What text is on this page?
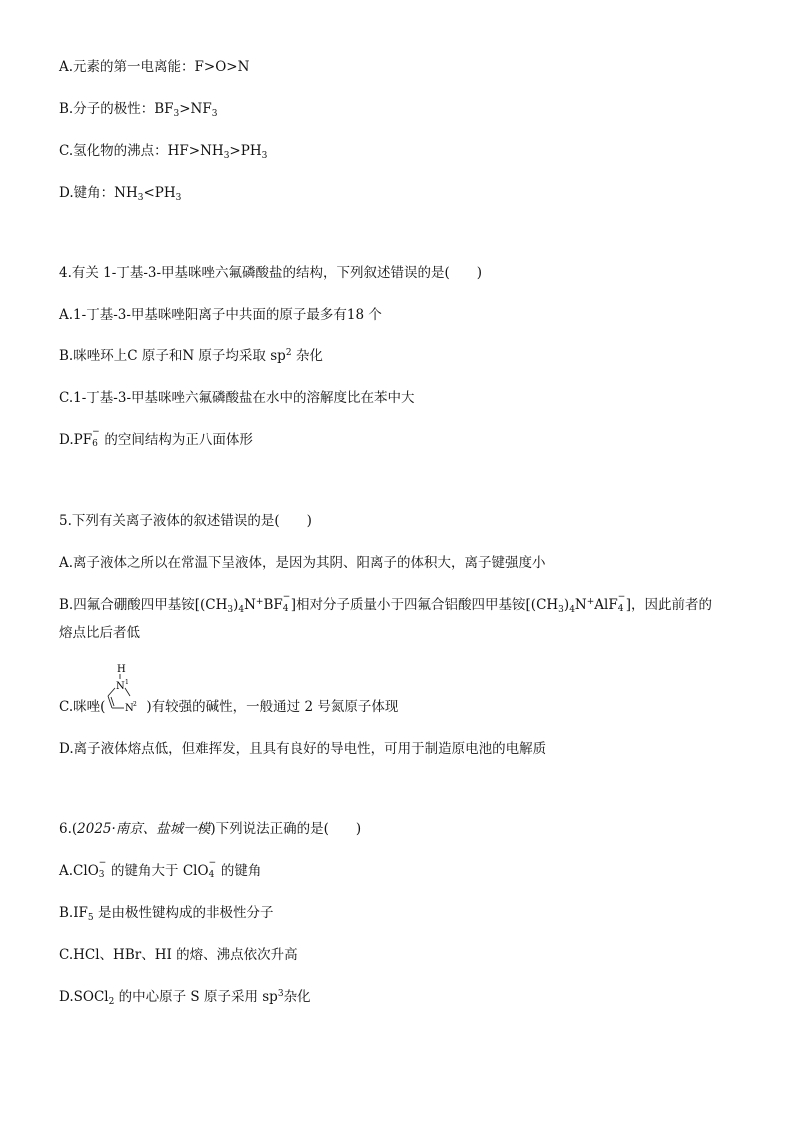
A.元素的第一电离能：F>O>N
B.分子的极性：$BF_3>NF_3$
C.氢化物的沸点：$HF>NH_3>PH_3$
D.键角：$NH_3<PH_3$
4.有关 1-丁基-3-甲基咪唑六氟磷酸盐的结构，下列叙述错误的是(　　)
A.1-丁基-3-甲基咪唑阳离子中共面的原子最多有18 个
B.咪唑环上C 原子和N 原子均采取 $sp^2$ 杂化
C.1-丁基-3-甲基咪唑六氟磷酸盐在水中的溶解度比在苯中大
D.PF −
6 的空间结构为正八面体形
5.下列有关离子液体的叙述错误的是(　　)
A.离子液体之所以在常温下呈液体，是因为其阴、阳离子的体积大，离子键强度小
B.四氟合硼酸四甲基铵[$(CH_3)_4N^+BF$ −
4 ]相对分子质量小于四氟合铝酸四甲基铵[$(CH_3)_4N^+AlF$ −
4 ]，因此前者的
熔点比后者低
H
N 1
N 2
C.咪唑(	)有较强的碱性，一般通过 2 号氮原子体现
D.离子液体熔点低，但难挥发，且具有良好的导电性，可用于制造原电池的电解质
6.(2025·南京、盐城一模)下列说法正确的是(　　)
A.ClO −
3 的键角大于 ClO −
4 的键角
$B.IF_5$ 是由极性键构成的非极性分子
C.HCl、HBr、HI 的熔、沸点依次升高
D.SOCl$_2$ 的中心原子 S 原子采用 $sp^3$杂化
